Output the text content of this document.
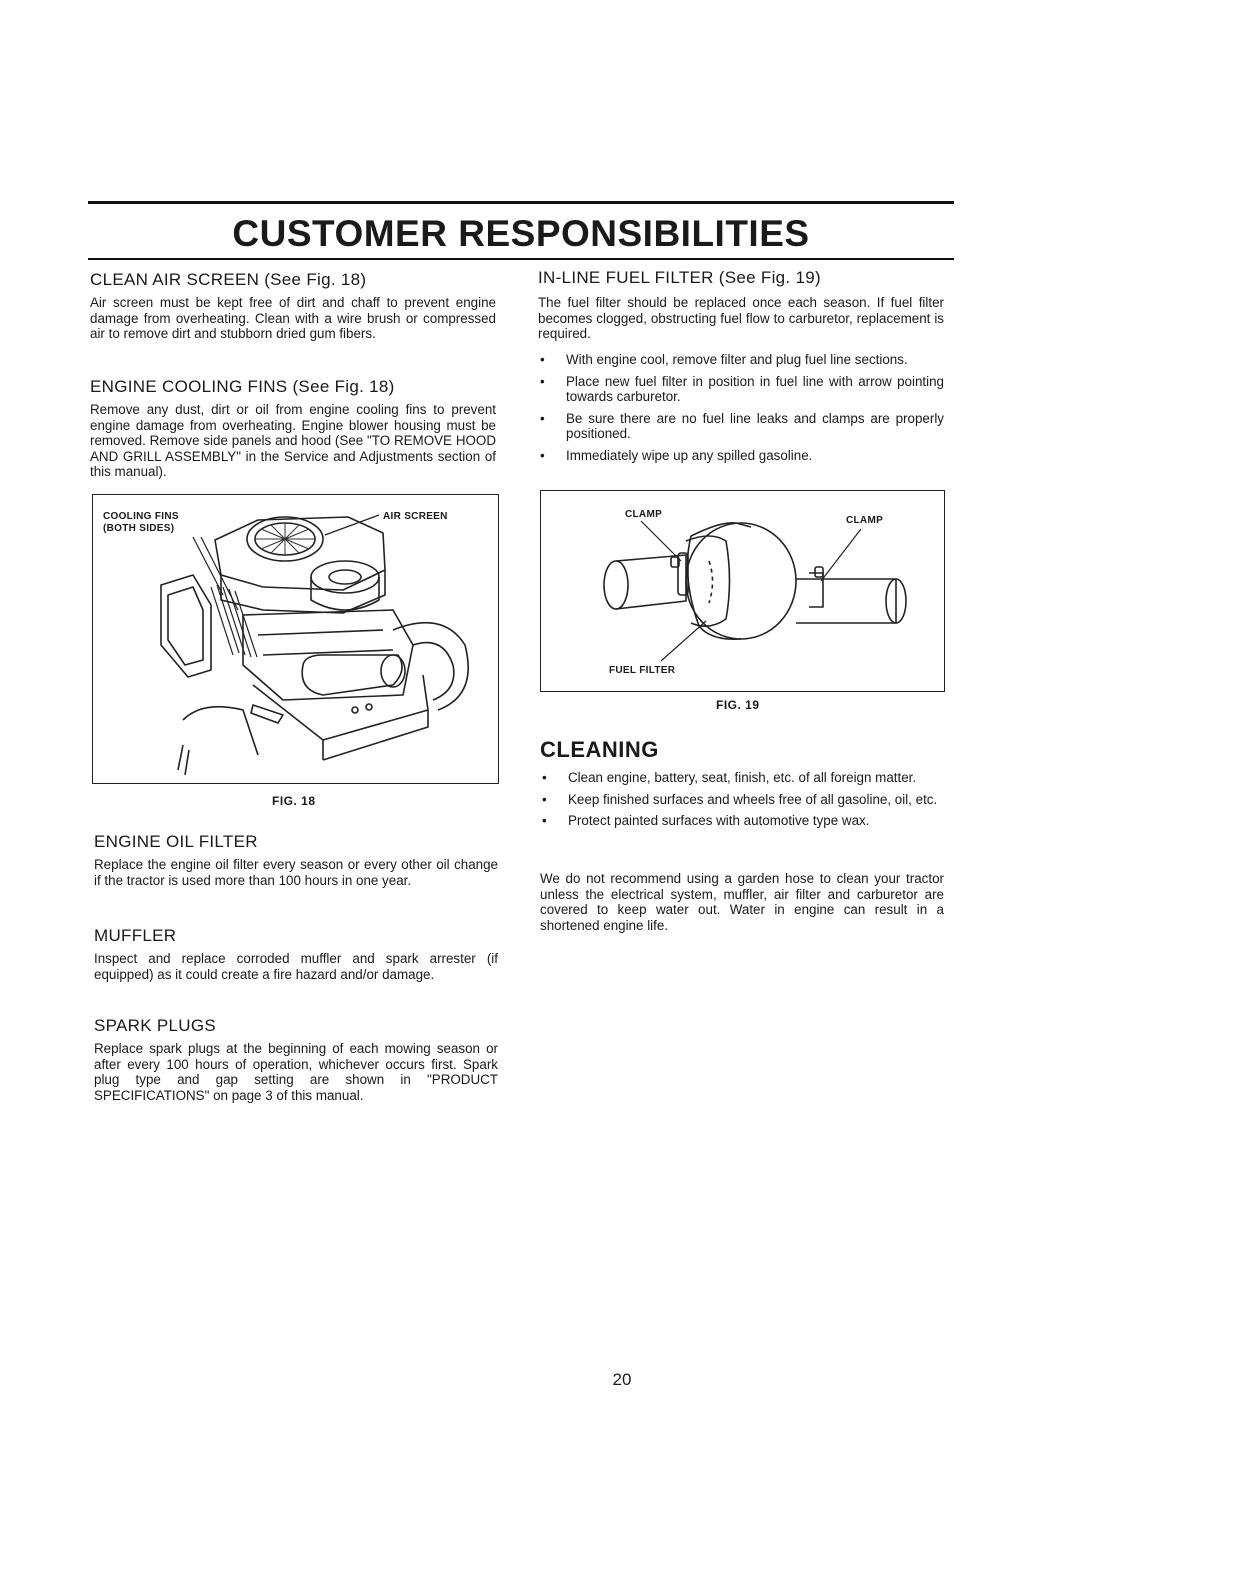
CUSTOMER RESPONSIBILITIES
CLEAN AIR SCREEN (See Fig. 18)
Air screen must be kept free of dirt and chaff to prevent engine damage from overheating. Clean with a wire brush or compressed air to remove dirt and stubborn dried gum fibers.
ENGINE COOLING FINS (See Fig. 18)
Remove any dust, dirt or oil from engine cooling fins to prevent engine damage from overheating. Engine blower housing must be removed. Remove side panels and hood (See "TO REMOVE HOOD AND GRILL ASSEMBLY" in the Service and Adjustments section of this manual).
COOLING FINS
(BOTH SIDES)
AIR SCREEN
FIG. 18
ENGINE OIL FILTER
Replace the engine oil filter every season or every other oil change if the tractor is used more than 100 hours in one year.
MUFFLER
Inspect and replace corroded muffler and spark arrester (if equipped) as it could create a fire hazard and/or damage.
SPARK PLUGS
Replace spark plugs at the beginning of each mowing season or after every 100 hours of operation, whichever occurs first. Spark plug type and gap setting are shown in "PRODUCT SPECIFICATIONS" on page 3 of this manual.
IN-LINE FUEL FILTER (See Fig. 19)
The fuel filter should be replaced once each season. If fuel filter becomes clogged, obstructing fuel flow to carburetor, replacement is required.
• With engine cool, remove filter and plug fuel line sections.
• Place new fuel filter in position in fuel line with arrow pointing towards carburetor.
• Be sure there are no fuel line leaks and clamps are properly positioned.
• Immediately wipe up any spilled gasoline.
CLAMP
CLAMP
FUEL FILTER
FIG. 19
CLEANING
• Clean engine, battery, seat, finish, etc. of all foreign matter.
• Keep finished surfaces and wheels free of all gasoline, oil, etc.
• Protect painted surfaces with automotive type wax.
We do not recommend using a garden hose to clean your tractor unless the electrical system, muffler, air filter and carburetor are covered to keep water out. Water in engine can result in a shortened engine life.
20
